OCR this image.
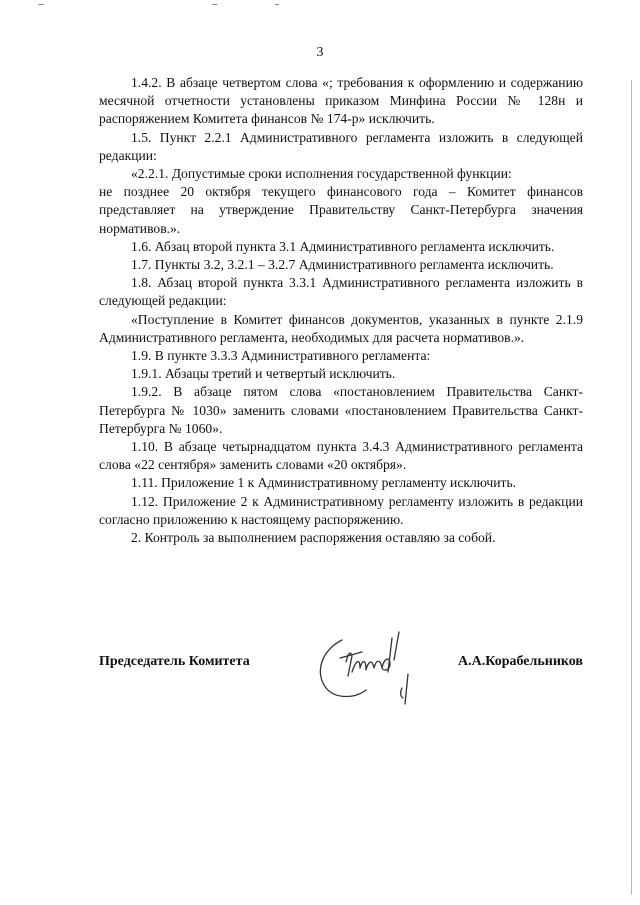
3

1.4.2. В абзаце четвертом слова «; требования к оформлению и содержанию месячной отчетности установлены приказом Минфина России № 128н и распоряжением Комитета финансов № 174-р» исключить.

1.5. Пункт 2.2.1 Административного регламента изложить в следующей редакции:

«2.2.1. Допустимые сроки исполнения государственной функции:

не позднее 20 октября текущего финансового года – Комитет финансов представляет на утверждение Правительству Санкт-Петербурга значения нормативов.».

1.6. Абзац второй пункта 3.1 Административного регламента исключить.

1.7. Пункты 3.2, 3.2.1 – 3.2.7 Административного регламента исключить.

1.8. Абзац второй пункта 3.3.1 Административного регламента изложить в следующей редакции:

«Поступление в Комитет финансов документов, указанных в пункте 2.1.9 Административного регламента, необходимых для расчета нормативов.».

1.9. В пункте 3.3.3 Административного регламента:

1.9.1. Абзацы третий и четвертый исключить.

1.9.2. В абзаце пятом слова «постановлением Правительства Санкт-Петербурга № 1030» заменить словами «постановлением Правительства Санкт-Петербурга № 1060».

1.10. В абзаце четырнадцатом пункта 3.4.3 Административного регламента слова «22 сентября» заменить словами «20 октября».

1.11. Приложение 1 к Административному регламенту исключить.

1.12. Приложение 2 к Административному регламенту изложить в редакции согласно приложению к настоящему распоряжению.

2. Контроль за выполнением распоряжения оставляю за собой.

Председатель Комитета	А.А.Корабельников
